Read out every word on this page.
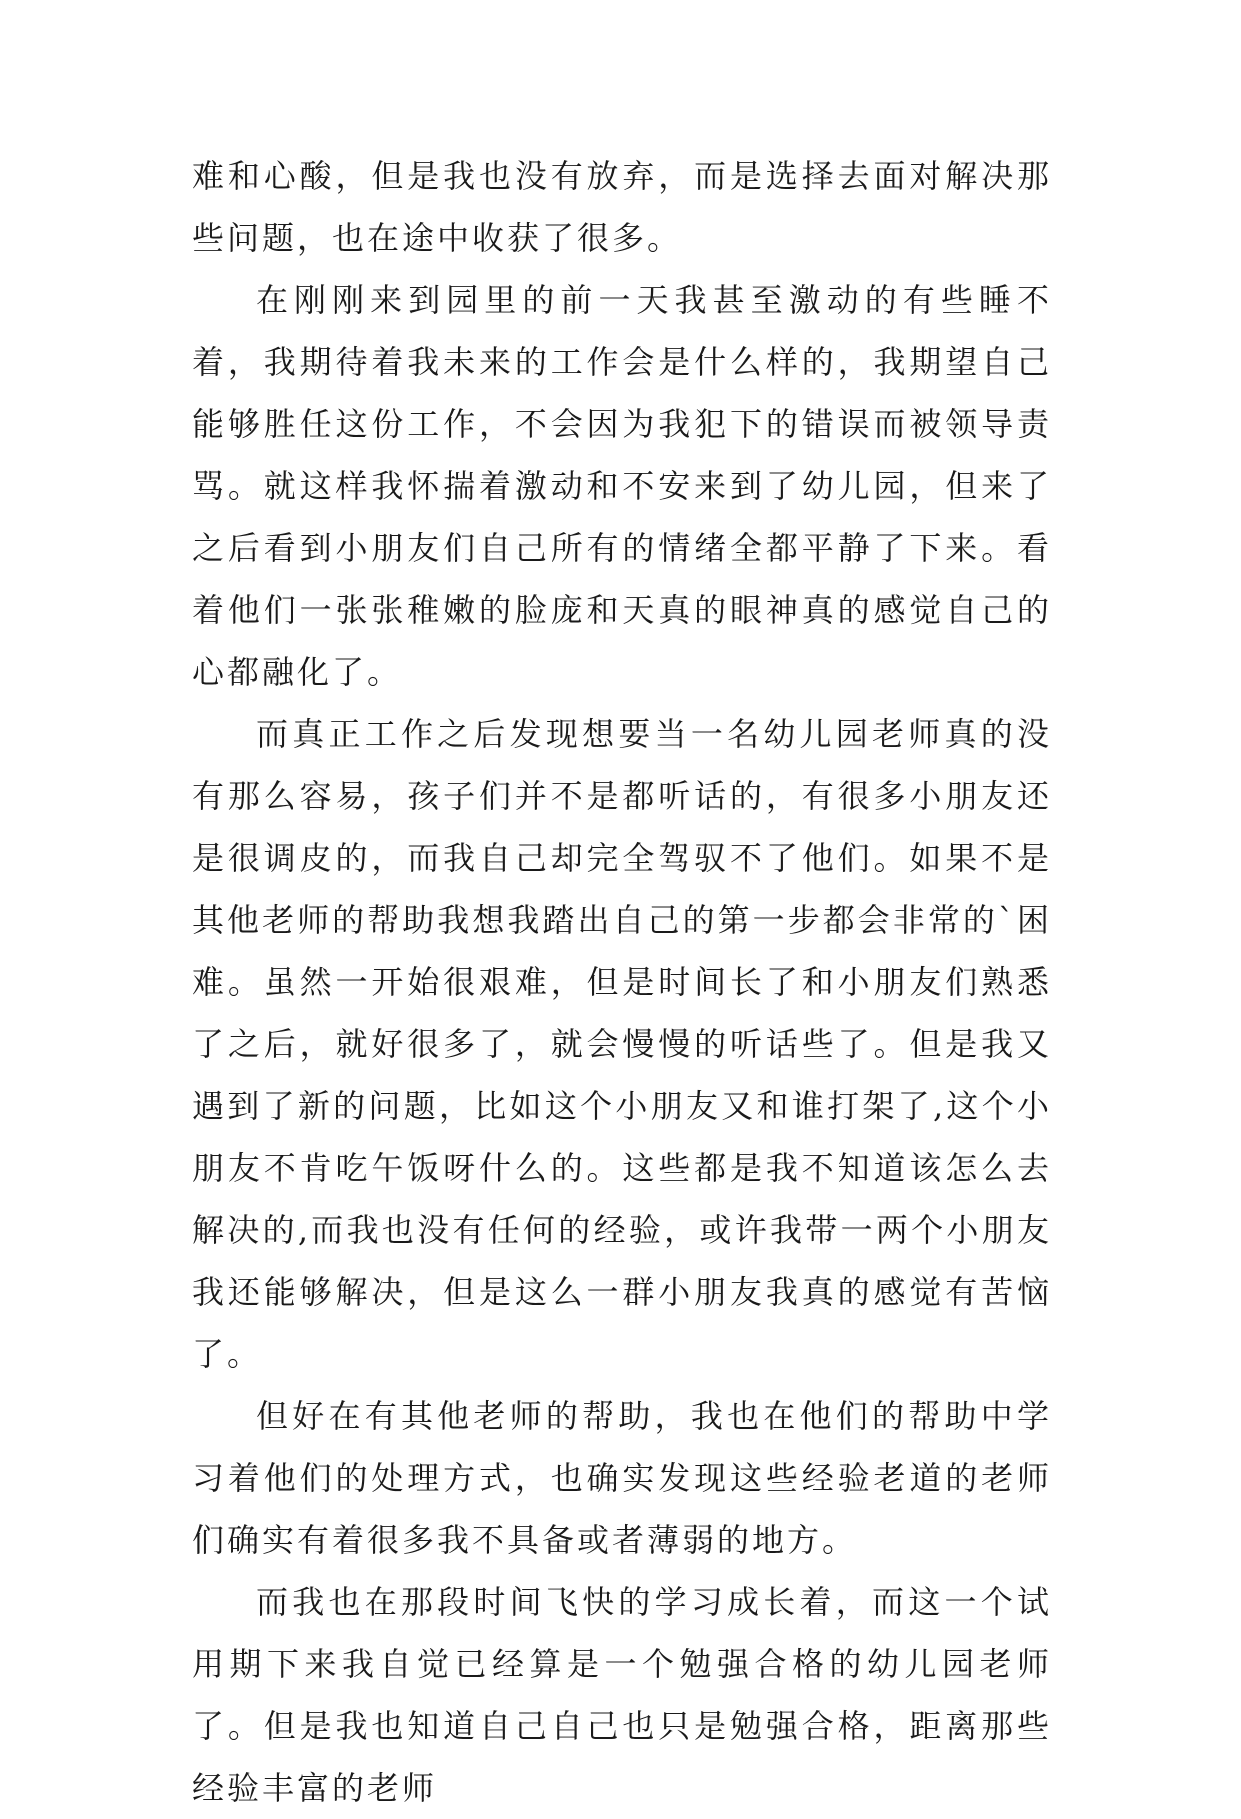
难和心酸，但是我也没有放弃，而是选择去面对解决那些问题，也在途中收获了很多。

在刚刚来到园里的前一天我甚至激动的有些睡不着，我期待着我未来的工作会是什么样的，我期望自己能够胜任这份工作，不会因为我犯下的错误而被领导责骂。就这样我怀揣着激动和不安来到了幼儿园，但来了之后看到小朋友们自己所有的情绪全都平静了下来。看着他们一张张稚嫩的脸庞和天真的眼神真的感觉自己的心都融化了。

而真正工作之后发现想要当一名幼儿园老师真的没有那么容易，孩子们并不是都听话的，有很多小朋友还是很调皮的，而我自己却完全驾驭不了他们。如果不是其他老师的帮助我想我踏出自己的第一步都会非常的`困难。虽然一开始很艰难，但是时间长了和小朋友们熟悉了之后，就好很多了，就会慢慢的听话些了。但是我又遇到了新的问题，比如这个小朋友又和谁打架了,这个小朋友不肯吃午饭呀什么的。这些都是我不知道该怎么去解决的,而我也没有任何的经验，或许我带一两个小朋友我还能够解决，但是这么一群小朋友我真的感觉有苦恼了。

但好在有其他老师的帮助，我也在他们的帮助中学习着他们的处理方式，也确实发现这些经验老道的老师们确实有着很多我不具备或者薄弱的地方。

而我也在那段时间飞快的学习成长着，而这一个试用期下来我自觉已经算是一个勉强合格的幼儿园老师了。但是我也知道自己自己也只是勉强合格，距离那些经验丰富的老师
